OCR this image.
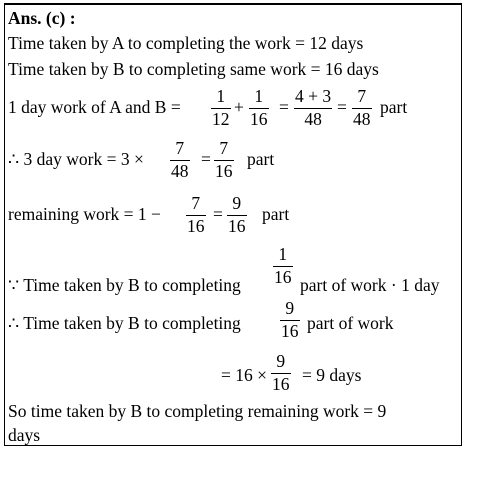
Ans. (c) :
Time taken by A to completing the work = 12 days
Time taken by B to completing same work = 16 days
1 day work of A and B =
1
12
+
1
16
=
4 + 3
48
=
7
48
part
∴ 3 day work = 3 ×
7
48
=
7
16
part
remaining work = 1 −
7
16
=
9
16
part
∵ Time taken by B to completing
1
16 part of work · 1 day
∴ Time taken by B to completing
9
16 part of work
= 16 ×
9
16 = 9 days
So time taken by B to completing remaining work = 9
days
